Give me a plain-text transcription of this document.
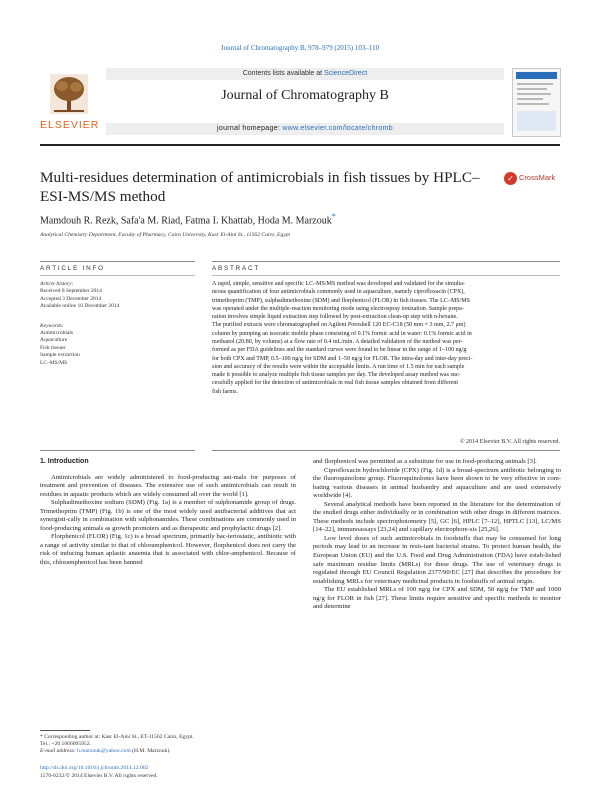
Journal of Chromatography B, 978–979 (2015) 103–110
ELSEVIER
Contents lists available at ScienceDirect
Journal of Chromatography B
journal homepage: www.elsevier.com/locate/chromb
Multi-residues determination of antimicrobials in fish tissues by HPLC–ESI-MS/MS method
✓ CrossMark
Mamdouh R. Rezk, Safa'a M. Riad, Fatma I. Khattab, Hoda M. Marzouk*
Analytical Chemistry Department, Faculty of Pharmacy, Cairo University, Kasr El-Aini St., 11562 Cairo, Egypt
ARTICLE INFO	ABSTRACT
Article history:
Received 8 September 2014
Accepted 3 December 2014
Available online 10 December 2014
Keywords:
Antimicrobials
Aquaculture
Fish tissues
Sample extraction
LC–MS/MS
A rapid, simple, sensitive and specific LC–MS/MS method was developed and validated for the simulta-
neous quantification of four antimicrobials commonly used in aquaculture, namely ciprofloxacin (CPX),
trimethoprim (TMP), sulphadimethoxine (SDM) and florphenicol (FLOR) in fish tissues. The LC–MS/MS
was operated under the multiple-reaction monitoring mode using electrospray ionization. Sample prepa-
ration involves simple liquid extraction step followed by post-extraction clean-up step with n-hexane.
The purified extracts were chromatographed on Agilent Poroshell 120 EC-C18 (50 mm × 3 mm, 2.7 μm)
column by pumping an isocratic mobile phase consisting of 0.1% formic acid in water: 0.1% formic acid in
methanol (20:80, by volume) at a flow rate of 0.4 mL/min. A detailed validation of the method was per-
formed as per FDA guidelines and the standard curves were found to be linear in the range of 1–100 ng/g
for both CPX and TMP, 0.5–100 ng/g for SDM and 1–50 ng/g for FLOR. The intra-day and inter-day preci-
sion and accuracy of the results were within the acceptable limits. A run time of 1.5 min for each sample
made it possible to analyze multiple fish tissue samples per day. The developed assay method was suc-
cessfully applied for the detection of antimicrobials in real fish tissue samples obtained from different
fish farms.
© 2014 Elsevier B.V. All rights reserved.
1. Introduction

Antimicrobials are widely administered to food-producing ani-mals for purposes of treatment and prevention of diseases. The extensive use of such antimicrobials can result in residues in aquatic products which are widely consumed all over the world [1].

Sulphadimethoxine sodium (SDM) (Fig. 1a) is a member of sulphonamide group of drugs. Trimethoprim (TMP) (Fig. 1b) is one of the most widely used antibacterial additives that act synergisti-cally in combination with sulphonamides. These combinations are commonly used in food-producing animals as growth promoters and as therapeutic and prophylactic drugs [2].

Florphenicol (FLOR) (Fig. 1c) is a broad spectrum, primarily bac-teriostatic, antibiotic with a range of activity similar to that of chloramphenicol. However, florphenicol does not carry the risk of inducing human aplastic anaemia that is associated with chlor-amphenicol. Because of this, chloramphenicol has been banned

and florphenicol was permitted as a substitute for use in food-producing animals [3].

Ciprofloxacin hydrochloride (CPX) (Fig. 1d) is a broad-spectrum antibiotic belonging to the fluoroquinolone group. Fluoroquinolones have been shown to be very effective in com-bating various diseases in animal husbandry and aquaculture and are used extensively worldwide [4].

Several analytical methods have been reported in the literature for the determination of the studied drugs either individually or in combination with other drugs in different matrices. These methods include spectrophotometry [5], GC [6], HPLC [7–12], HPTLC [13], LC/MS [14–22], immunoassays [23,24] and capillary electrophore-sis [25,26].

Low level doses of such antimicrobials in foodstuffs that may be consumed for long periods may lead to an increase in resis-tant bacterial strains. To protect human health, the European Union (EU) and the U.S. Food and Drug Administration (FDA) have estab-lished safe maximum residue limits (MRLs) for these drugs. The use of veterinary drugs is regulated through EU Council Regulation 2377/90/EC [27] that describes the procedure for establishing MRLs for veterinary medicinal products in foodstuffs of animal origin.

The EU established MRLs of 100 ng/g for CPX and SDM, 50 ng/g for TMP and 1000 ng/g for FLOR in fish [27]. These limits require sensitive and specific methods to monitor and determine

* Corresponding author at: Kasr El-Aini St., ET-11562 Cairo, Egypt.
Tel.: +20 1066095952.
E-mail address: h.marzouk@yahoo.com (H.M. Marzouk).
http://dx.doi.org/10.1016/j.jchromb.2014.12.002
1570-0232/© 2014 Elsevier B.V. All rights reserved.
